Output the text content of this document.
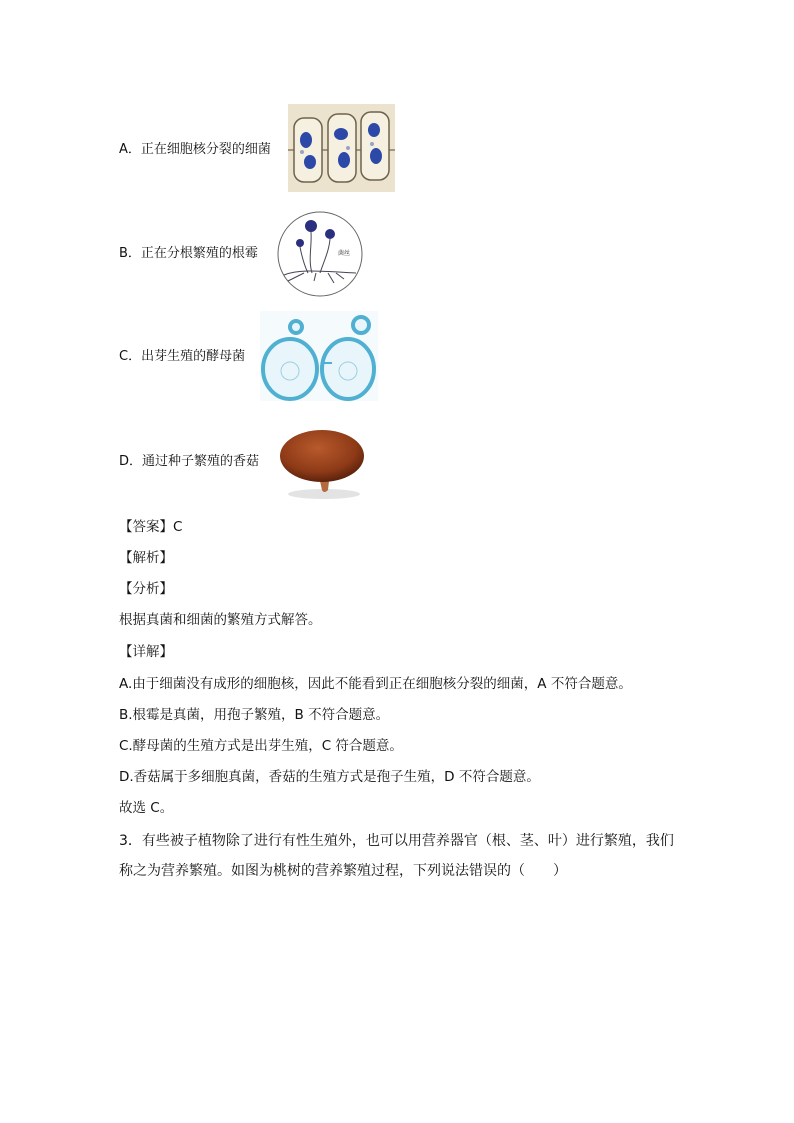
A．正在细胞核分裂的细菌
B．正在分根繁殖的根霉	菌丝
C．出芽生殖的酵母菌
D．通过种子繁殖的香菇
【答案】C
【解析】
【分析】
根据真菌和细菌的繁殖方式解答。
【详解】
A.由于细菌没有成形的细胞核，因此不能看到正在细胞核分裂的细菌，A 不符合题意。
B.根霉是真菌，用孢子繁殖，B 不符合题意。
C.酵母菌的生殖方式是出芽生殖，C 符合题意。
D.香菇属于多细胞真菌，香菇的生殖方式是孢子生殖，D 不符合题意。
故选 C。
3．有些被子植物除了进行有性生殖外，也可以用营养器官（根、茎、叶）进行繁殖，我们
称之为营养繁殖。如图为桃树的营养繁殖过程，下列说法错误的（　　）
